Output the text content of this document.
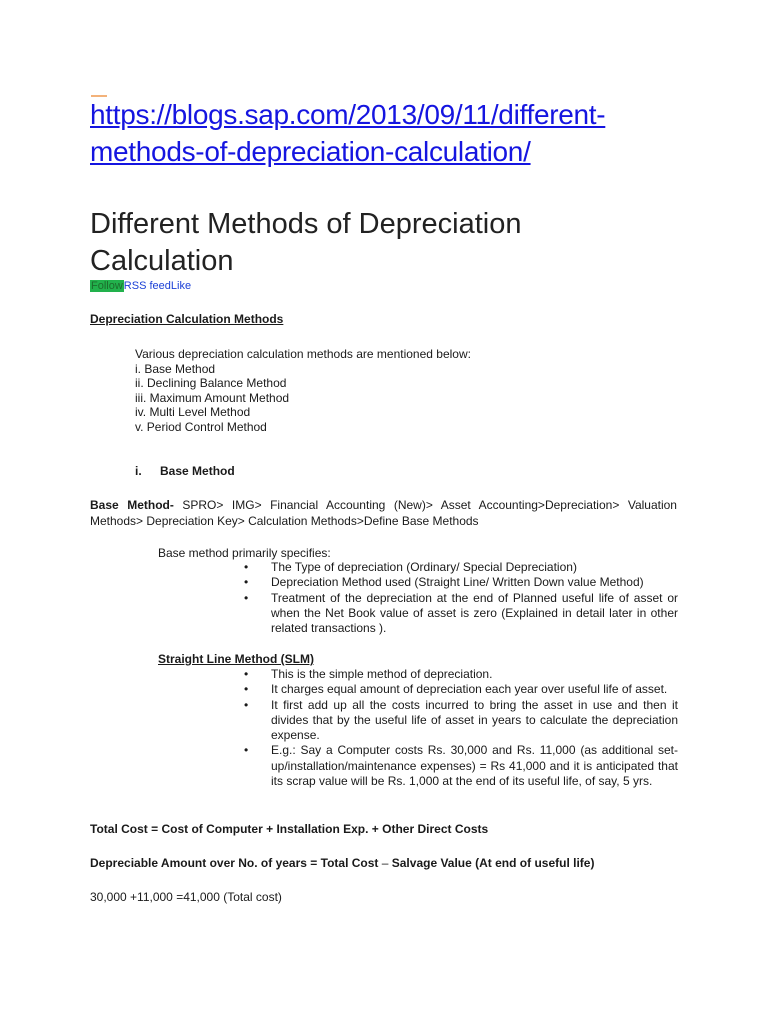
https://blogs.sap.com/2013/09/11/different-
methods-of-depreciation-calculation/
Different Methods of Depreciation
Calculation
FollowRSS feedLike
Depreciation Calculation Methods
Various depreciation calculation methods are mentioned below:
i. Base Method
ii. Declining Balance Method
iii. Maximum Amount Method
iv. Multi Level Method
v. Period Control Method
i. Base Method
Base Method- SPRO> IMG> Financial Accounting (New)> Asset Accounting>Depreciation> Valuation Methods> Depreciation Key> Calculation Methods>Define Base Methods
Base method primarily specifies:
• The Type of depreciation (Ordinary/ Special Depreciation)
• Depreciation Method used (Straight Line/ Written Down value Method)
• Treatment of the depreciation at the end of Planned useful life of asset or when the Net Book value of asset is zero (Explained in detail later in other related transactions ).
Straight Line Method (SLM)
• This is the simple method of depreciation.
• It charges equal amount of depreciation each year over useful life of asset.
• It first add up all the costs incurred to bring the asset in use and then it divides that by the useful life of asset in years to calculate the depreciation expense.
• E.g.: Say a Computer costs Rs. 30,000 and Rs. 11,000 (as additional set-up/installation/maintenance expenses) = Rs 41,000 and it is anticipated that its scrap value will be Rs. 1,000 at the end of its useful life, of say, 5 yrs.
Total Cost = Cost of Computer + Installation Exp. + Other Direct Costs
Depreciable Amount over No. of years = Total Cost – Salvage Value (At end of useful life)
30,000 +11,000 =41,000 (Total cost)
